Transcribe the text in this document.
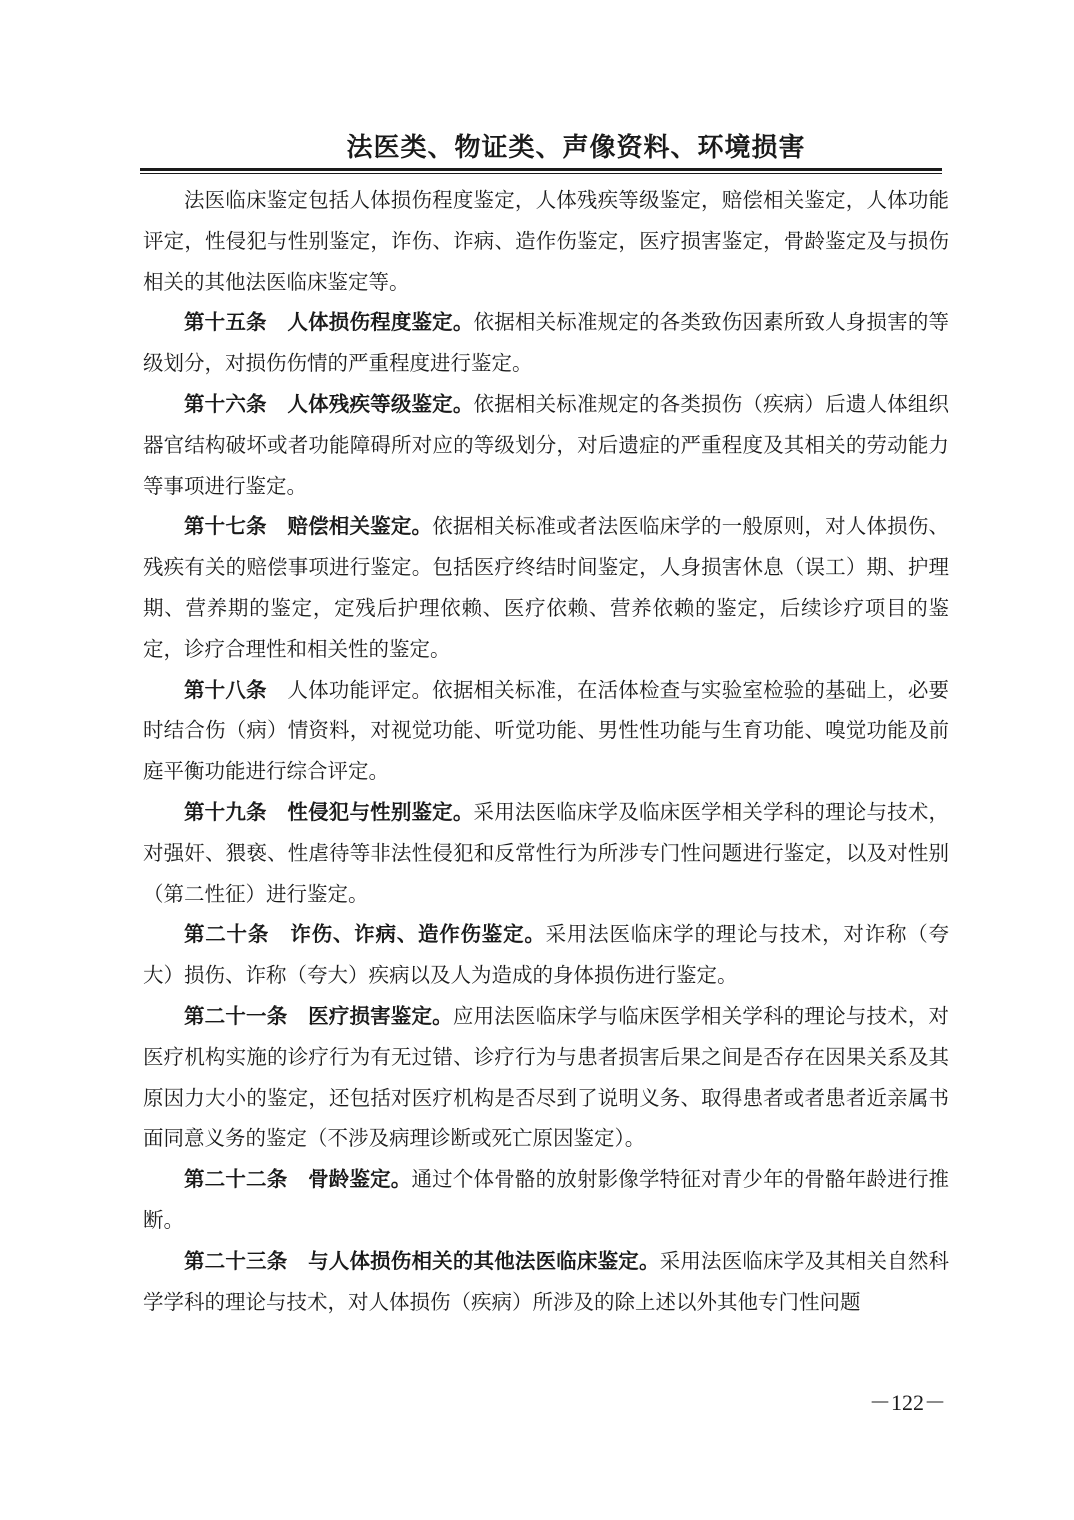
法医类、物证类、声像资料、环境损害

法医临床鉴定包括人体损伤程度鉴定，人体残疾等级鉴定，赔偿相关鉴定，人体功能评定，性侵犯与性别鉴定，诈伤、诈病、造作伤鉴定，医疗损害鉴定，骨龄鉴定及与损伤相关的其他法医临床鉴定等。

第十五条 人体损伤程度鉴定。依据相关标准规定的各类致伤因素所致人身损害的等级划分，对损伤伤情的严重程度进行鉴定。

第十六条 人体残疾等级鉴定。依据相关标准规定的各类损伤（疾病）后遗人体组织器官结构破坏或者功能障碍所对应的等级划分，对后遗症的严重程度及其相关的劳动能力等事项进行鉴定。

第十七条 赔偿相关鉴定。依据相关标准或者法医临床学的一般原则，对人体损伤、残疾有关的赔偿事项进行鉴定。包括医疗终结时间鉴定，人身损害休息（误工）期、护理期、营养期的鉴定，定残后护理依赖、医疗依赖、营养依赖的鉴定，后续诊疗项目的鉴定，诊疗合理性和相关性的鉴定。

第十八条 人体功能评定。依据相关标准，在活体检查与实验室检验的基础上，必要时结合伤（病）情资料，对视觉功能、听觉功能、男性性功能与生育功能、嗅觉功能及前庭平衡功能进行综合评定。

第十九条 性侵犯与性别鉴定。采用法医临床学及临床医学相关学科的理论与技术，对强奸、猥亵、性虐待等非法性侵犯和反常性行为所涉专门性问题进行鉴定，以及对性别（第二性征）进行鉴定。

第二十条 诈伤、诈病、造作伤鉴定。采用法医临床学的理论与技术，对诈称（夸大）损伤、诈称（夸大）疾病以及人为造成的身体损伤进行鉴定。

第二十一条 医疗损害鉴定。应用法医临床学与临床医学相关学科的理论与技术，对医疗机构实施的诊疗行为有无过错、诊疗行为与患者损害后果之间是否存在因果关系及其原因力大小的鉴定，还包括对医疗机构是否尽到了说明义务、取得患者或者患者近亲属书面同意义务的鉴定（不涉及病理诊断或死亡原因鉴定）。

第二十二条 骨龄鉴定。通过个体骨骼的放射影像学特征对青少年的骨骼年龄进行推断。

第二十三条 与人体损伤相关的其他法医临床鉴定。采用法医临床学及其相关自然科学学科的理论与技术，对人体损伤（疾病）所涉及的除上述以外其他专门性问题

－122－
